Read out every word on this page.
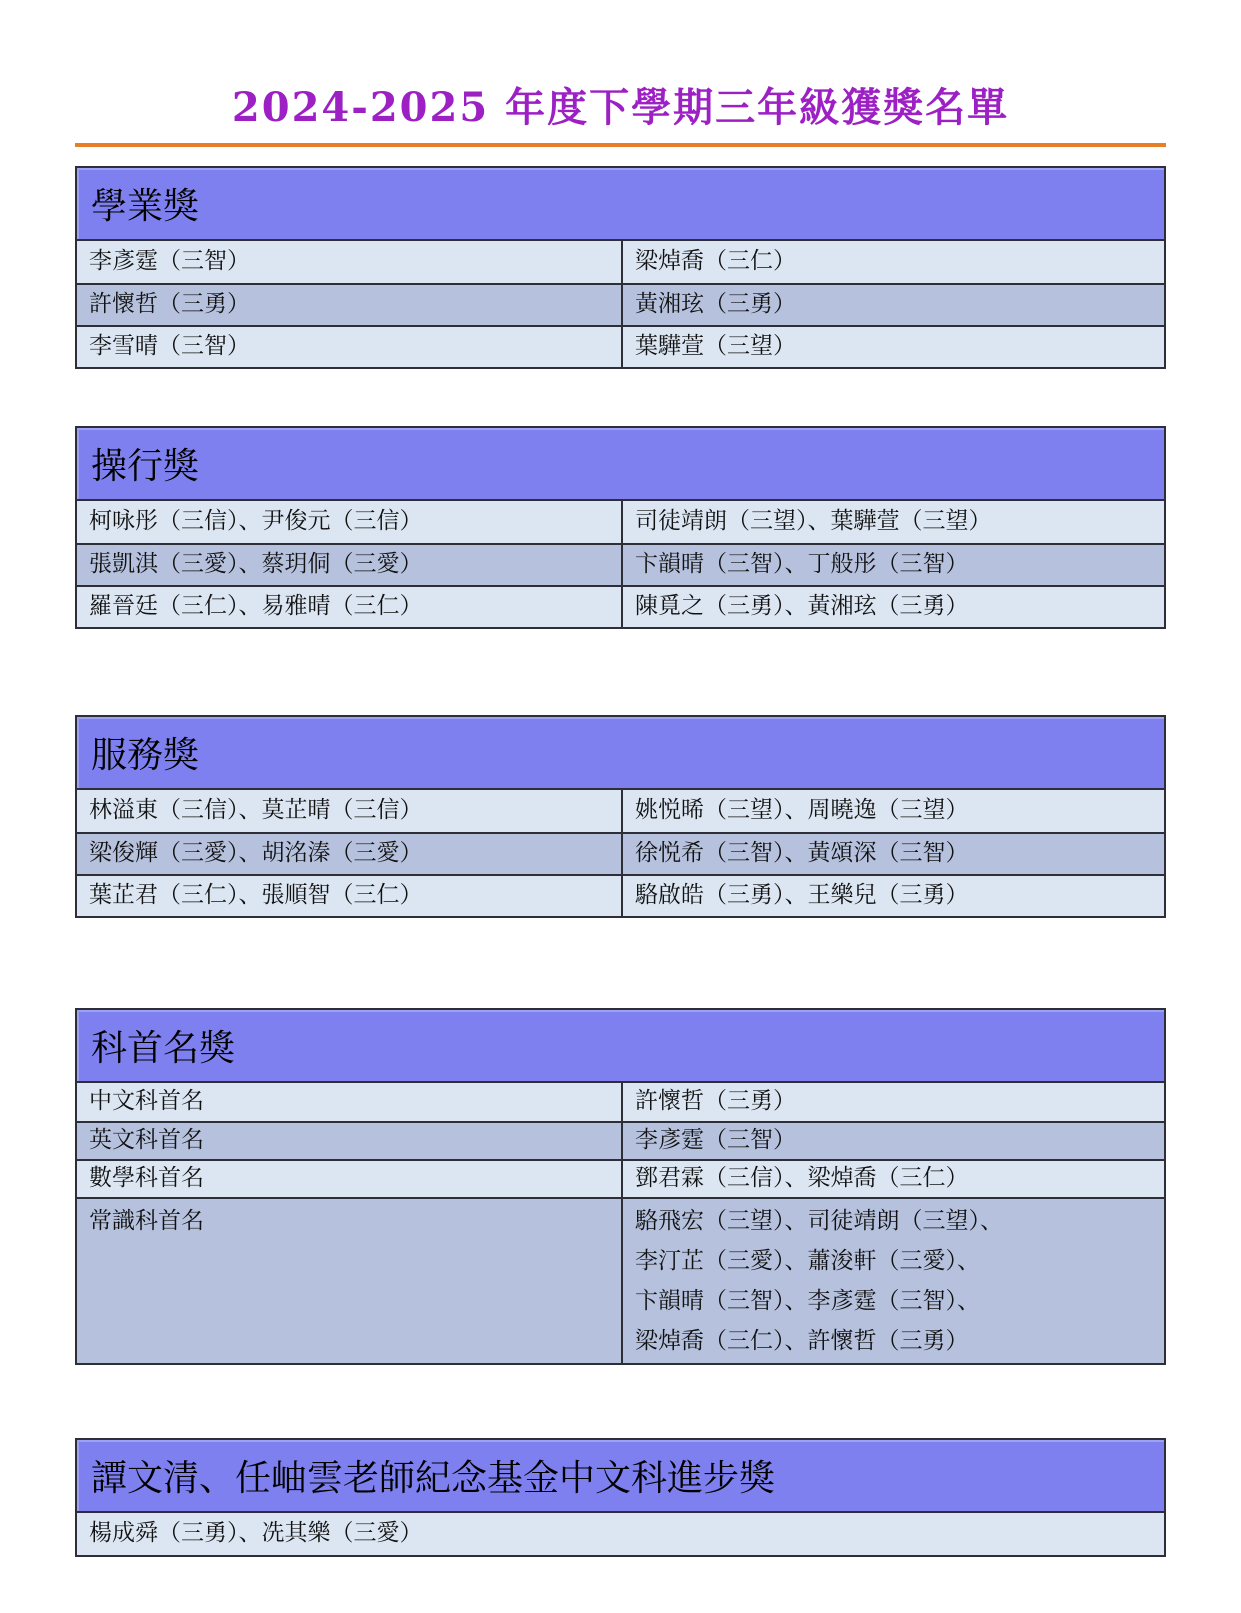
2024-2025 年度下學期三年級獲獎名單
學業獎
李彥霆（三智）	梁焯喬（三仁）
許懷哲（三勇）	黃湘玹（三勇）
李雪晴（三智）	葉驊萱（三望）
操行獎
柯咏彤（三信）、尹俊元（三信）	司徒靖朗（三望）、葉驊萱（三望）
張凱淇（三愛）、蔡玥侗（三愛）	卞韻晴（三智）、丁般彤（三智）
羅晉廷（三仁）、易雅晴（三仁）	陳覓之（三勇）、黃湘玹（三勇）
服務獎
林溢東（三信）、莫芷晴（三信）	姚悦晞（三望）、周曉逸（三望）
梁俊輝（三愛）、胡洺溱（三愛）	徐悦希（三智）、黃頌深（三智）
葉芷君（三仁）、張順智（三仁）	駱啟皓（三勇）、王樂兒（三勇）
科首名獎
中文科首名	許懷哲（三勇）
英文科首名	李彥霆（三智）
數學科首名	鄧君霖（三信）、梁焯喬（三仁）
常識科首名	駱飛宏（三望）、司徒靖朗（三望）、

李汀芷（三愛）、蕭浚軒（三愛）、

卞韻晴（三智）、李彥霆（三智）、

梁焯喬（三仁）、許懷哲（三勇）

譚文清、任岫雲老師紀念基金中文科進步獎
楊成舜（三勇）、冼其樂（三愛）
